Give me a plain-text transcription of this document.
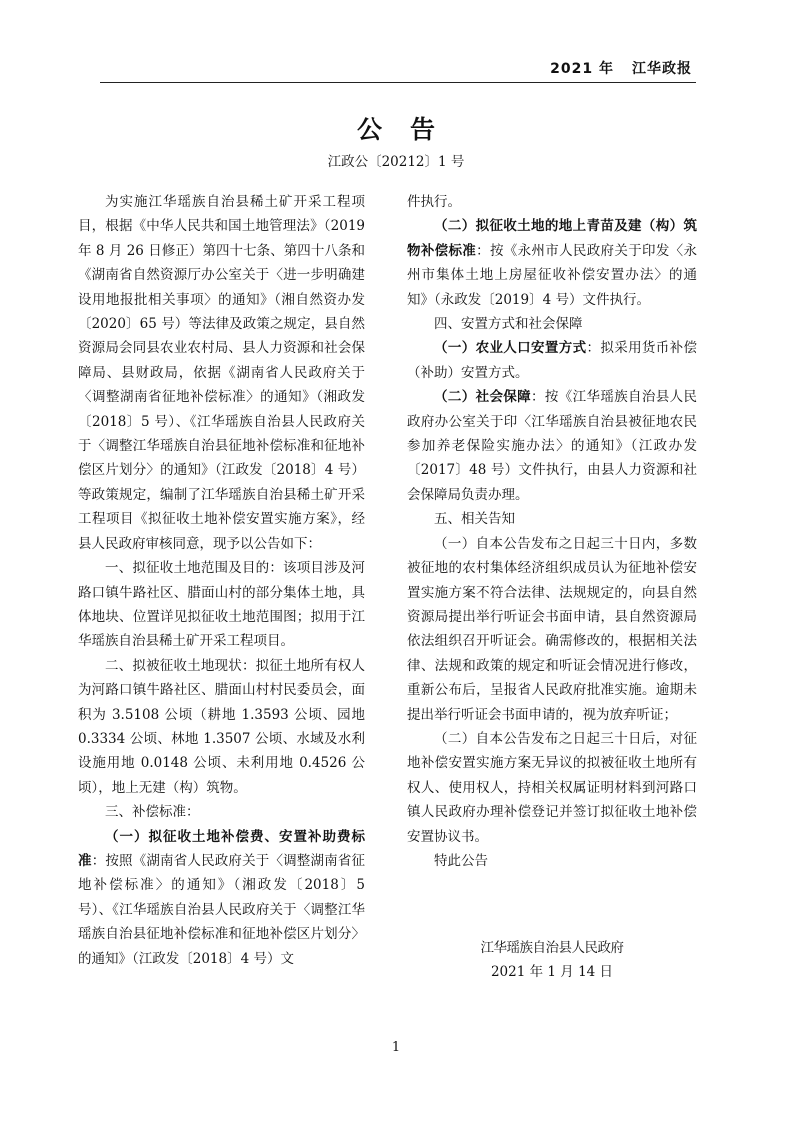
2021 年 江华政报
公告
江政公〔20212〕1 号

为实施江华瑶族自治县稀土矿开采工程项目，根据《中华人民共和国土地管理法》（2019 年 8 月 26 日修正）第四十七条、第四十八条和《湖南省自然资源厅办公室关于〈进一步明确建设用地报批相关事项〉的通知》（湘自然资办发〔2020〕65 号）等法律及政策之规定，县自然资源局会同县农业农村局、县人力资源和社会保障局、县财政局，依据《湖南省人民政府关于〈调整湖南省征地补偿标准〉的通知》（湘政发〔2018〕5 号）、《江华瑶族自治县人民政府关于〈调整江华瑶族自治县征地补偿标准和征地补偿区片划分〉的通知》（江政发〔2018〕4 号）等政策规定，编制了江华瑶族自治县稀土矿开采工程项目《拟征收土地补偿安置实施方案》，经县人民政府审核同意，现予以公告如下：

一、拟征收土地范围及目的：该项目涉及河路口镇牛路社区、腊面山村的部分集体土地，具体地块、位置详见拟征收土地范围图；拟用于江华瑶族自治县稀土矿开采工程项目。

二、拟被征收土地现状：拟征土地所有权人为河路口镇牛路社区、腊面山村村民委员会，面积为 3.5108 公顷（耕地 1.3593 公顷、园地 0.3334 公顷、林地 1.3507 公顷、水域及水利设施用地 0.0148 公顷、未利用地 0.4526 公顷），地上无建（构）筑物。

三、补偿标准：

（一）拟征收土地补偿费、安置补助费标准：按照《湖南省人民政府关于〈调整湖南省征地补偿标准〉的通知》（湘政发〔2018〕5 号）、《江华瑶族自治县人民政府关于〈调整江华瑶族自治县征地补偿标准和征地补偿区片划分〉的通知》（江政发〔2018〕4 号）文

件执行。

（二）拟征收土地的地上青苗及建（构）筑物补偿标准：按《永州市人民政府关于印发〈永州市集体土地上房屋征收补偿安置办法〉的通知》（永政发〔2019〕4 号）文件执行。

四、安置方式和社会保障

（一）农业人口安置方式：拟采用货币补偿（补助）安置方式。

（二）社会保障：按《江华瑶族自治县人民政府办公室关于印〈江华瑶族自治县被征地农民参加养老保险实施办法〉的通知》（江政办发〔2017〕48 号）文件执行，由县人力资源和社会保障局负责办理。

五、相关告知

（一）自本公告发布之日起三十日内，多数被征地的农村集体经济组织成员认为征地补偿安置实施方案不符合法律、法规规定的，向县自然资源局提出举行听证会书面申请，县自然资源局依法组织召开听证会。确需修改的，根据相关法律、法规和政策的规定和听证会情况进行修改，重新公布后，呈报省人民政府批准实施。逾期未提出举行听证会书面申请的，视为放弃听证；

（二）自本公告发布之日起三十日后，对征地补偿安置实施方案无异议的拟被征收土地所有权人、使用权人，持相关权属证明材料到河路口镇人民政府办理补偿登记并签订拟征收土地补偿安置协议书。

特此公告

江华瑶族自治县人民政府
2021 年 1 月 14 日
1
